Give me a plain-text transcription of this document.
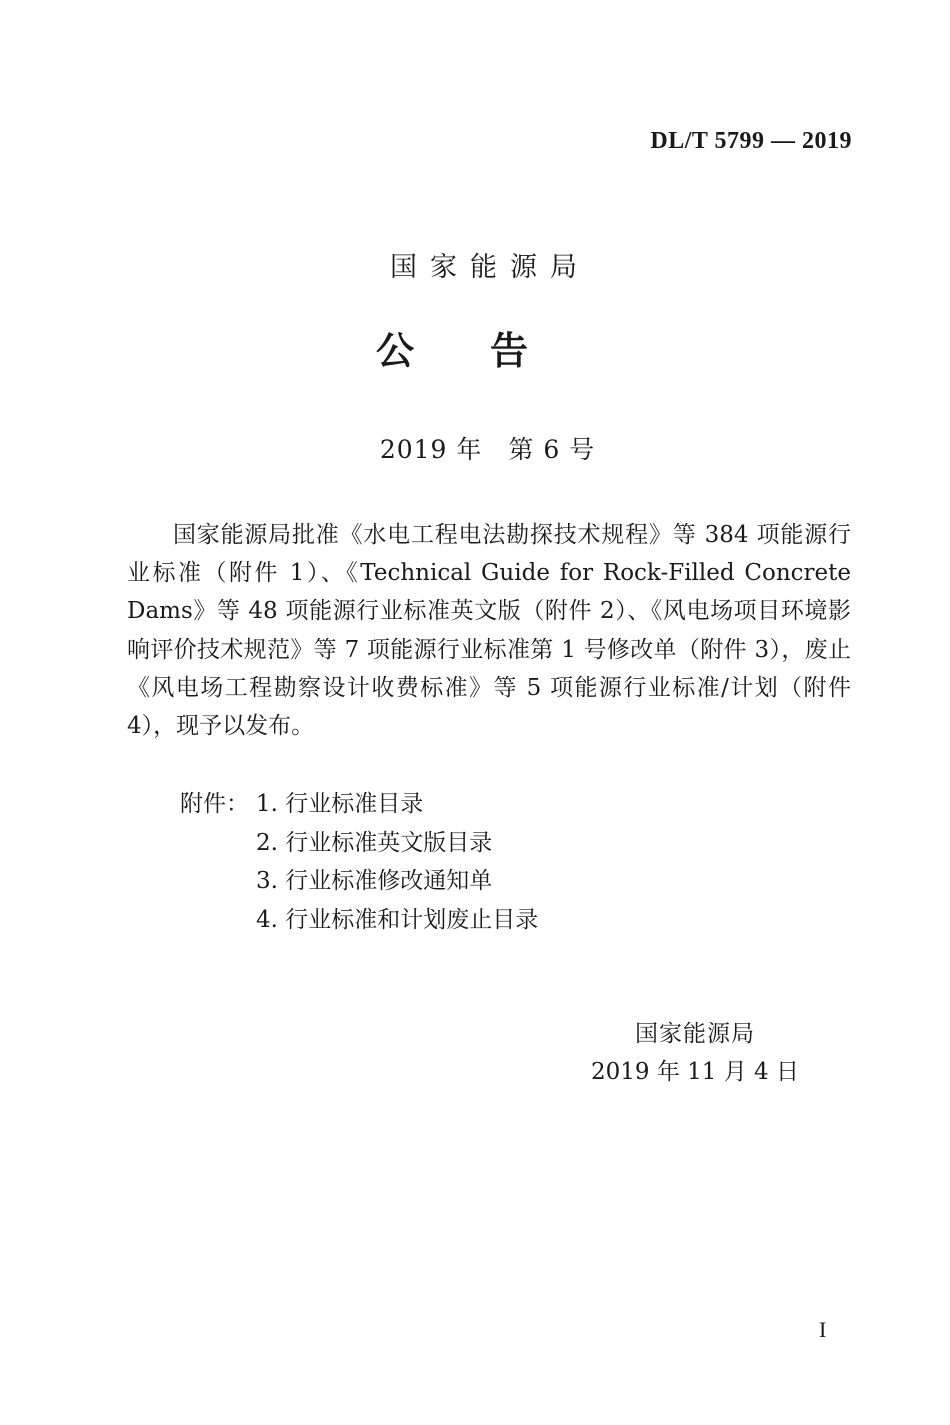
DL/T 5799 — 2019
国家能源局
公告
2019 年　第 6 号

国家能源局批准《水电工程电法勘探技术规程》等 384 项能源行业标准（附件 1）、《Technical Guide for Rock-Filled Concrete Dams》等 48 项能源行业标准英文版（附件 2）、《风电场项目环境影响评价技术规范》等 7 项能源行业标准第 1 号修改单（附件 3），废止《风电场工程勘察设计收费标准》等 5 项能源行业标准/计划（附件 4），现予以发布。

附件： 1. 行业标准目录
2. 行业标准英文版目录
3. 行业标准修改通知单
4. 行业标准和计划废止目录
国家能源局
2019 年 11 月 4 日
I
